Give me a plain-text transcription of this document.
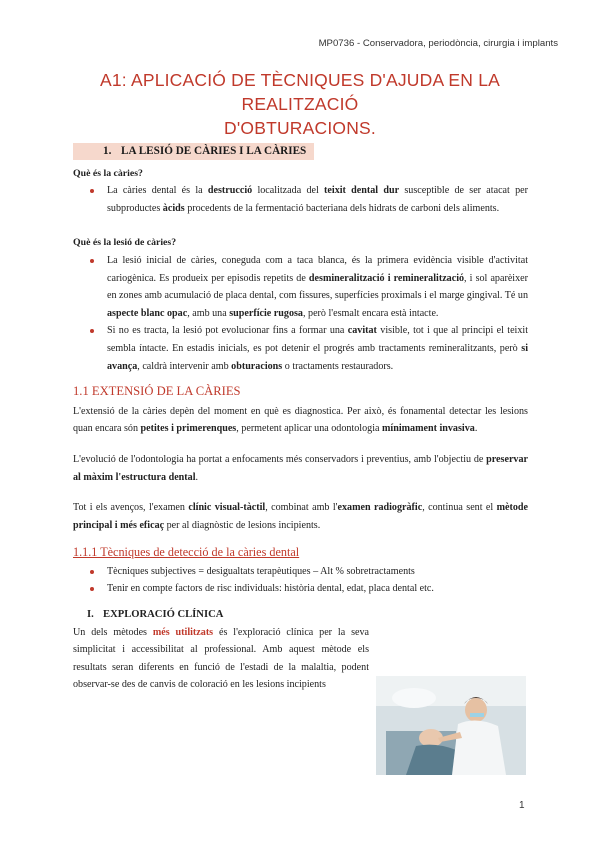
MP0736 - Conservadora, periodòncia, cirurgia i implants
A1: APLICACIÓ DE TÈCNIQUES D'AJUDA EN LA REALITZACIÓ
D'OBTURACIONS.
1. LA LESIÓ DE CÀRIES I LA CÀRIES
Què és la càries?
La càries dental és la destrucció localitzada del teixit dental dur susceptible de ser atacat per subproductes àcids procedents de la fermentació bacteriana dels hidrats de carboni dels aliments.
Què és la lesió de càries?
La lesió inicial de càries, coneguda com a taca blanca, és la primera evidència visible d'activitat cariogènica. Es produeix per episodis repetits de desmineralització i remineralització, i sol aparèixer en zones amb acumulació de placa dental, com fissures, superfícies proximals i el marge gingival. Té un aspecte blanc opac, amb una superfície rugosa, però l'esmalt encara està intacte.
Si no es tracta, la lesió pot evolucionar fins a formar una cavitat visible, tot i que al principi el teixit sembla íntacte. En estadis inicials, es pot detenir el progrés amb tractaments remineralitzants, però si avança, caldrà intervenir amb obturacions o tractaments restauradors.
1.1 EXTENSIÓ DE LA CÀRIES

L'extensió de la càries depèn del moment en què es diagnostica. Per això, és fonamental detectar les lesions quan encara són petites i primerenques, permetent aplicar una odontologia mínimament invasiva.

L'evolució de l'odontologia ha portat a enfocaments més conservadors i preventius, amb l'objectiu de preservar al màxim l'estructura dental.

Tot i els avenços, l'examen clínic visual-tàctil, combinat amb l'examen radiogràfic, continua sent el mètode principal i més eficaç per al diagnòstic de lesions incipients.

1.1.1 Tècniques de detecció de la càries dental
Tècniques subjectives = desigualtats terapèutiques – Alt % sobretractaments
Tenir en compte factors de risc individuals: història dental, edat, placa dental etc.
I. EXPLORACIÓ CLÍNICA

Un dels mètodes més utilitzats és l'exploració clínica per la seva simplicitat i accessibilitat al professional. Amb aquest mètode els resultats seran diferents en funció de l'estadi de la malaltia, podent observar-se des de canvis de coloració en les lesions incipients

1
